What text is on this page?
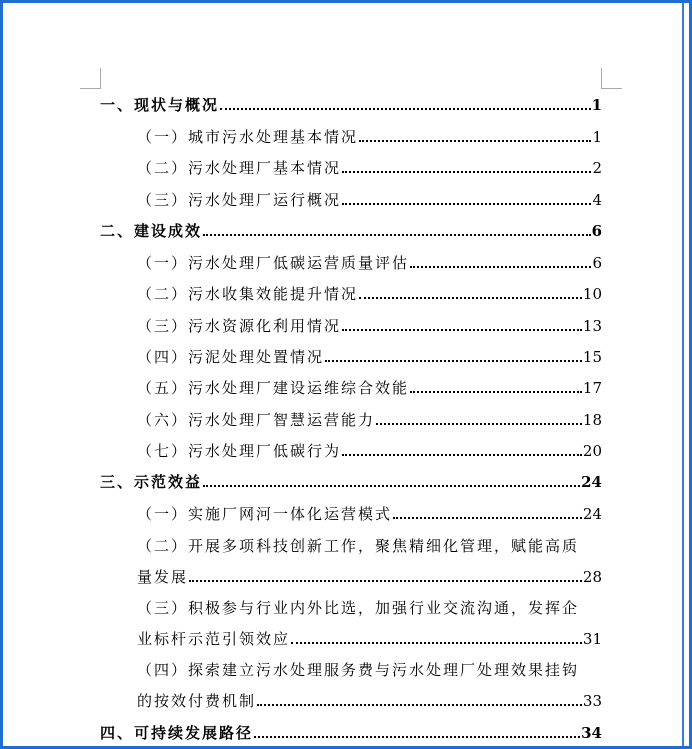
一、现状与概况	1
（一）城市污水处理基本情况	1
（二）污水处理厂基本情况	2
（三）污水处理厂运行概况	4
二、建设成效	6
（一）污水处理厂低碳运营质量评估	6
（二）污水收集效能提升情况	10
（三）污水资源化利用情况	13
（四）污泥处理处置情况	15
（五）污水处理厂建设运维综合效能	17
（六）污水处理厂智慧运营能力	18
（七）污水处理厂低碳行为	20
三、示范效益	24
（一）实施厂网河一体化运营模式	24
（二）开展多项科技创新工作，聚焦精细化管理，赋能高质
量发展	28
（三）积极参与行业内外比选，加强行业交流沟通，发挥企
业标杆示范引领效应	31
（四）探索建立污水处理服务费与污水处理厂处理效果挂钩
的按效付费机制	33
四、可持续发展路径	34
